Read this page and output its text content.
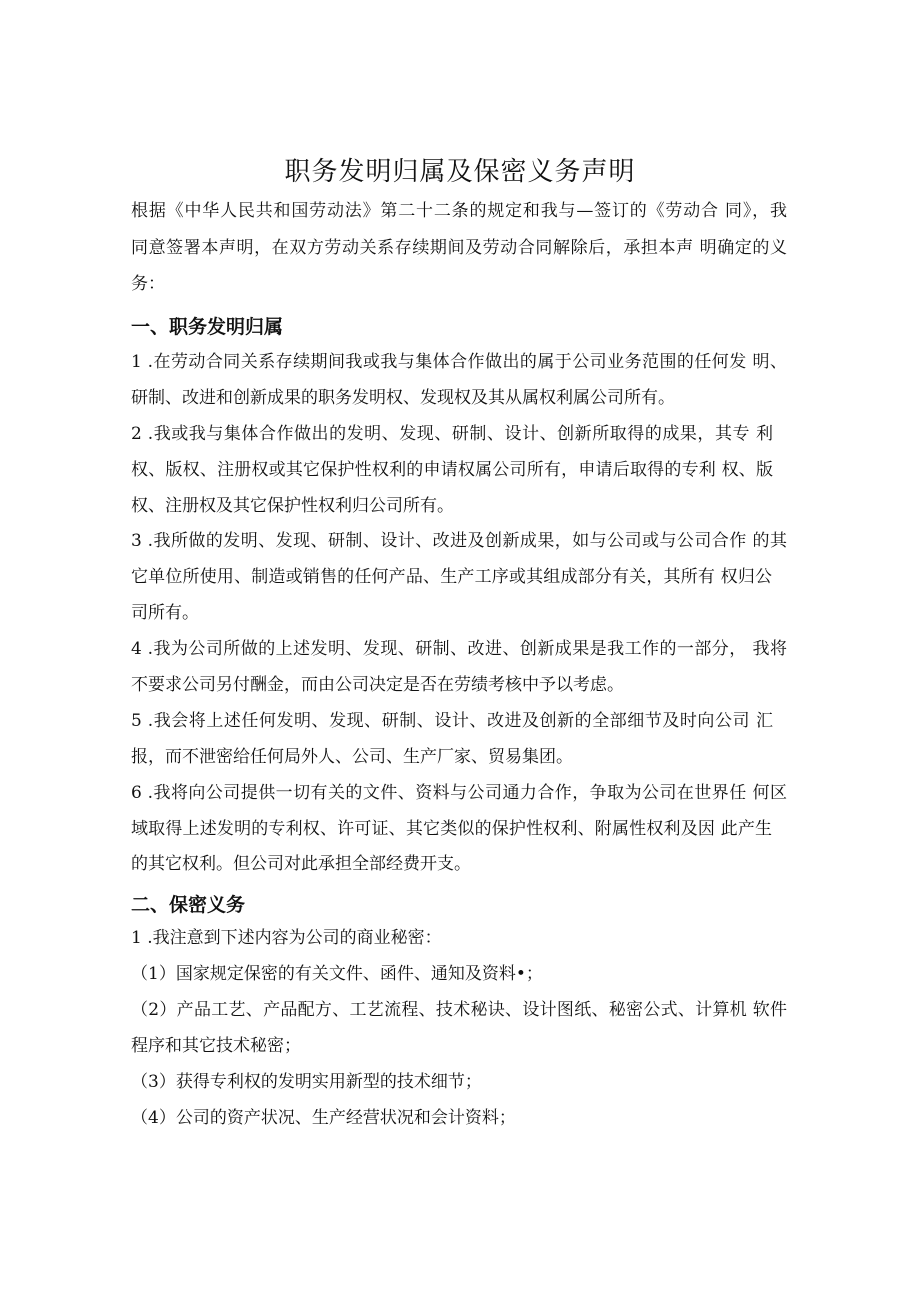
职务发明归属及保密义务声明
根据《中华人民共和国劳动法》第二十二条的规定和我与—签订的《劳动合 同》，我
同意签署本声明，在双方劳动关系存续期间及劳动合同解除后，承担本声 明确定的义
务：
一、职务发明归属
1 .在劳动合同关系存续期间我或我与集体合作做出的属于公司业务范围的任何发 明、
研制、改进和创新成果的职务发明权、发现权及其从属权利属公司所有。
2 .我或我与集体合作做出的发明、发现、研制、设计、创新所取得的成果，其专 利
权、版权、注册权或其它保护性权利的申请权属公司所有，申请后取得的专利 权、版
权、注册权及其它保护性权利归公司所有。
3 .我所做的发明、发现、研制、设计、改进及创新成果，如与公司或与公司合作 的其
它单位所使用、制造或销售的任何产品、生产工序或其组成部分有关，其所有 权归公
司所有。
4 .我为公司所做的上述发明、发现、研制、改进、创新成果是我工作的一部分， 我将
不要求公司另付酬金，而由公司决定是否在劳绩考核中予以考虑。
5 .我会将上述任何发明、发现、研制、设计、改进及创新的全部细节及时向公司 汇
报，而不泄密给任何局外人、公司、生产厂家、贸易集团。
6 .我将向公司提供一切有关的文件、资料与公司通力合作，争取为公司在世界任 何区
域取得上述发明的专利权、许可证、其它类似的保护性权利、附属性权利及因 此产生
的其它权利。但公司对此承担全部经费开支。
二、保密义务
1 .我注意到下述内容为公司的商业秘密：
（1）国家规定保密的有关文件、函件、通知及资料•；
（2）产品工艺、产品配方、工艺流程、技术秘诀、设计图纸、秘密公式、计算机 软件
程序和其它技术秘密；
（3）获得专利权的发明实用新型的技术细节；
（4）公司的资产状况、生产经营状况和会计资料；
